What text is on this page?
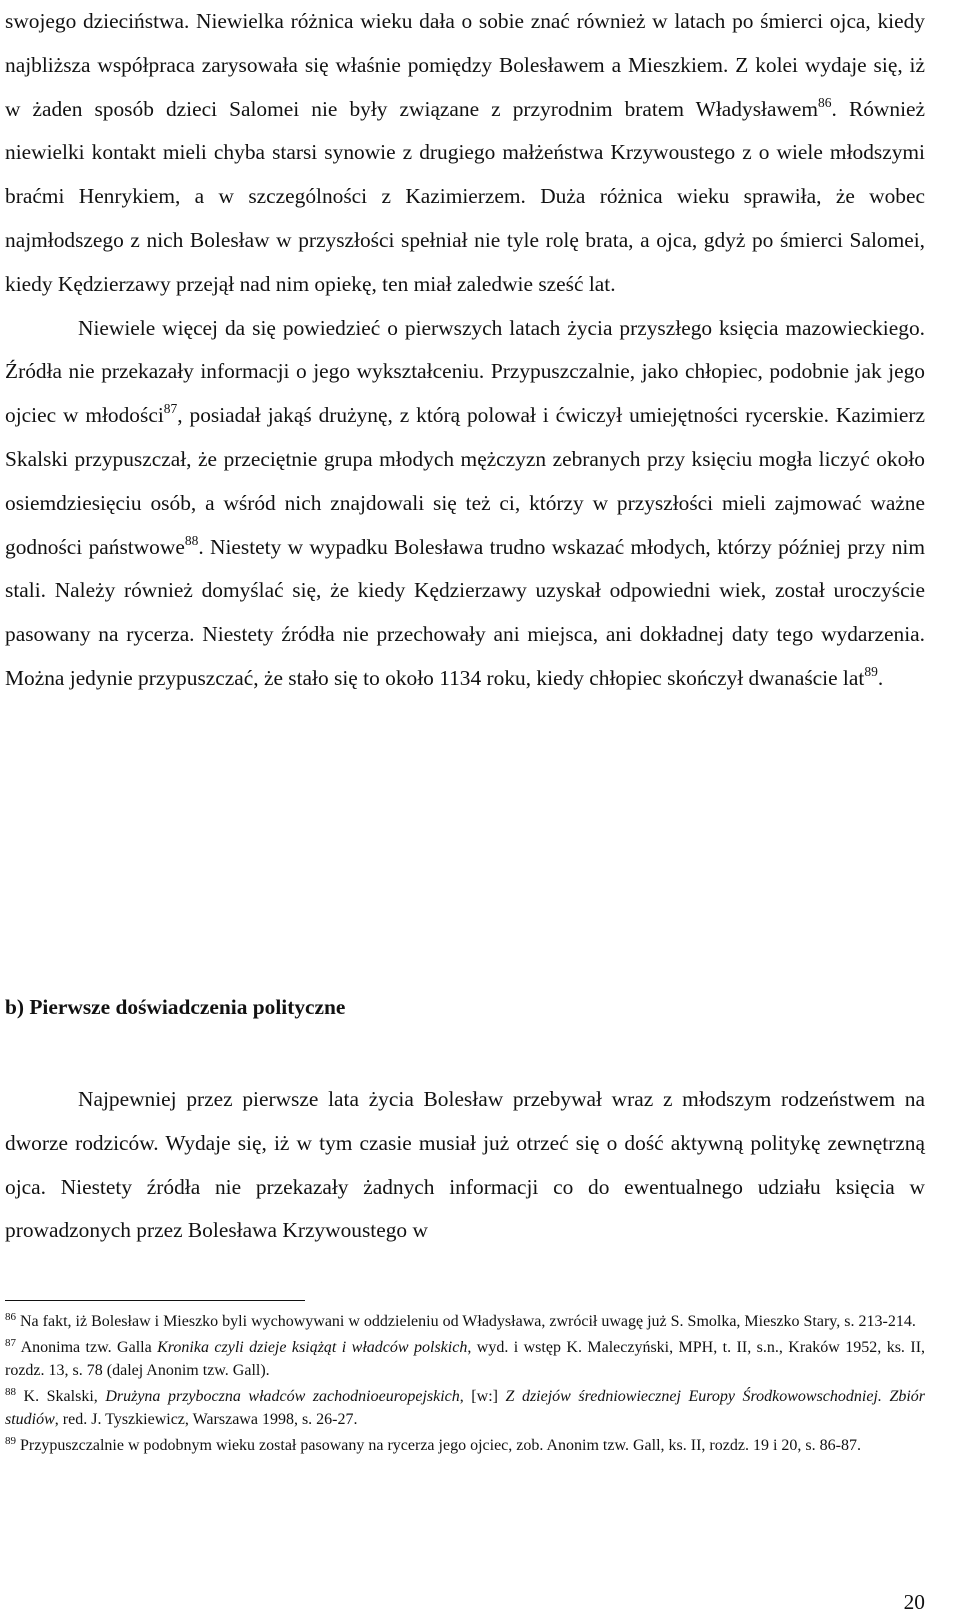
swojego dzieciństwa. Niewielka różnica wieku dała o sobie znać również w latach po śmierci ojca, kiedy najbliższa współpraca zarysowała się właśnie pomiędzy Bolesławem a Mieszkiem. Z kolei wydaje się, iż w żaden sposób dzieci Salomei nie były związane z przyrodnim bratem Władysławem$^{86}$. Również niewielki kontakt mieli chyba starsi synowie z drugiego małżeństwa Krzywoustego z o wiele młodszymi braćmi Henrykiem, a w szczególności z Kazimierzem. Duża różnica wieku sprawiła, że wobec najmłodszego z nich Bolesław w przyszłości spełniał nie tyle rolę brata, a ojca, gdyż po śmierci Salomei, kiedy Kędzierzawy przejął nad nim opiekę, ten miał zaledwie sześć lat.

Niewiele więcej da się powiedzieć o pierwszych latach życia przyszłego księcia mazowieckiego. Źródła nie przekazały informacji o jego wykształceniu. Przypuszczalnie, jako chłopiec, podobnie jak jego ojciec w młodości$^{87}$, posiadał jakąś drużynę, z którą polował i ćwiczył umiejętności rycerskie. Kazimierz Skalski przypuszczał, że przeciętnie grupa młodych mężczyzn zebranych przy księciu mogła liczyć około osiemdziesięciu osób, a wśród nich znajdowali się też ci, którzy w przyszłości mieli zajmować ważne godności państwowe$^{88}$. Niestety w wypadku Bolesława trudno wskazać młodych, którzy później przy nim stali. Należy również domyślać się, że kiedy Kędzierzawy uzyskał odpowiedni wiek, został uroczyście pasowany na rycerza. Niestety źródła nie przechowały ani miejsca, ani dokładnej daty tego wydarzenia. Można jedynie przypuszczać, że stało się to około 1134 roku, kiedy chłopiec skończył dwanaście lat$^{89}$.

b) Pierwsze doświadczenia polityczne

Najpewniej przez pierwsze lata życia Bolesław przebywał wraz z młodszym rodzeństwem na dworze rodziców. Wydaje się, iż w tym czasie musiał już otrzeć się o dość aktywną politykę zewnętrzną ojca. Niestety źródła nie przekazały żadnych informacji co do ewentualnego udziału księcia w prowadzonych przez Bolesława Krzywoustego w

$^{86}$ Na fakt, iż Bolesław i Mieszko byli wychowywani w oddzieleniu od Władysława, zwrócił uwagę już S. Smolka, Mieszko Stary, s. 213-214.

$^{87}$ Anonima tzw. Galla Kronika czyli dzieje książąt i władców polskich, wyd. i wstęp K. Maleczyński, MPH, t. II, s.n., Kraków 1952, ks. II, rozdz. 13, s. 78 (dalej Anonim tzw. Gall).

$^{88}$ K. Skalski, Drużyna przyboczna władców zachodnioeuropejskich, [w:] Z dziejów średniowiecznej Europy Środkowowschodniej. Zbiór studiów, red. J. Tyszkiewicz, Warszawa 1998, s. 26-27.

$^{89}$ Przypuszczalnie w podobnym wieku został pasowany na rycerza jego ojciec, zob. Anonim tzw. Gall, ks. II, rozdz. 19 i 20, s. 86-87.

20
